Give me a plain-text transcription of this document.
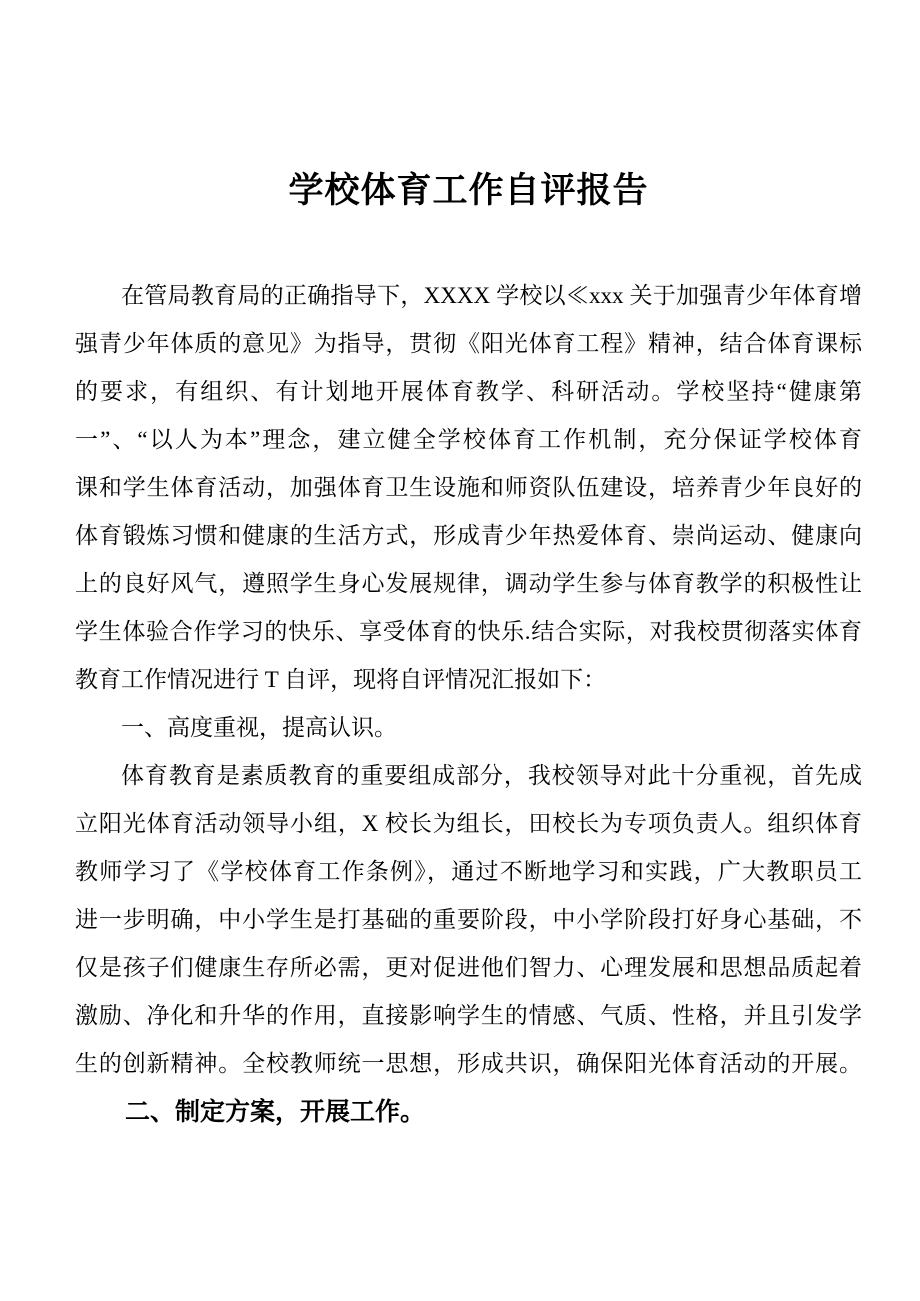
学校体育工作自评报告
在管局教育局的正确指导下，XXXX 学校以≪xxx 关于加强青少年体育增
强青少年体质的意见》为指导，贯彻《阳光体育工程》精神，结合体育课标
的要求，有组织、有计划地开展体育教学、科研活动。学校坚持“健康第
一”、“以人为本”理念，建立健全学校体育工作机制，充分保证学校体育
课和学生体育活动，加强体育卫生设施和师资队伍建设，培养青少年良好的
体育锻炼习惯和健康的生活方式，形成青少年热爱体育、崇尚运动、健康向
上的良好风气，遵照学生身心发展规律，调动学生参与体育教学的积极性让
学生体验合作学习的快乐、享受体育的快乐.结合实际，对我校贯彻落实体育
教育工作情况进行 T 自评，现将自评情况汇报如下：
一、高度重视，提高认识。
体育教育是素质教育的重要组成部分，我校领导对此十分重视，首先成
立阳光体育活动领导小组，X 校长为组长，田校长为专项负责人。组织体育
教师学习了《学校体育工作条例》，通过不断地学习和实践，广大教职员工
进一步明确，中小学生是打基础的重要阶段，中小学阶段打好身心基础，不
仅是孩子们健康生存所必需，更对促进他们智力、心理发展和思想品质起着
激励、净化和升华的作用，直接影响学生的情感、气质、性格，并且引发学
生的创新精神。全校教师统一思想，形成共识，确保阳光体育活动的开展。
二、制定方案，开展工作。
